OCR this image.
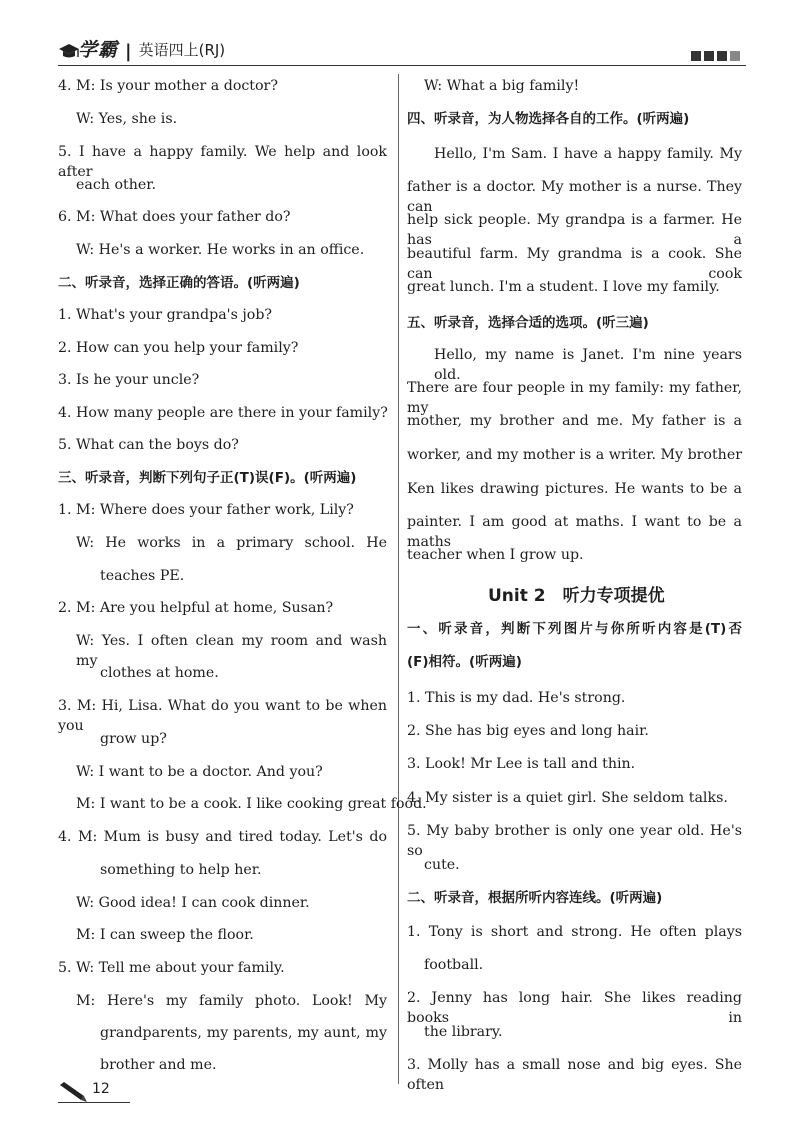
学霸 | 英语四上(RJ)
4. M: Is your mother a doctor?
W: Yes, she is.
5. I have a happy family. We help and look after
each other.
6. M: What does your father do?
W: He's a worker. He works in an office.
二、听录音，选择正确的答语。(听两遍)
1. What's your grandpa's job?
2. How can you help your family?
3. Is he your uncle?
4. How many people are there in your family?
5. What can the boys do?
三、听录音，判断下列句子正(T)误(F)。(听两遍)
1. M: Where does your father work, Lily?
W: He works in a primary school. He
teaches PE.
2. M: Are you helpful at home, Susan?
W: Yes. I often clean my room and wash my
clothes at home.
3. M: Hi, Lisa. What do you want to be when you
grow up?
W: I want to be a doctor. And you?
M: I want to be a cook. I like cooking great food.
4. M: Mum is busy and tired today. Let's do
something to help her.
W: Good idea! I can cook dinner.
M: I can sweep the floor.
5. W: Tell me about your family.
M: Here's my family photo. Look! My
grandparents, my parents, my aunt, my
brother and me.
W: What a big family!
四、听录音，为人物选择各自的工作。(听两遍)
Hello, I'm Sam. I have a happy family. My
father is a doctor. My mother is a nurse. They can
help sick people. My grandpa is a farmer. He has a
beautiful farm. My grandma is a cook. She can cook
great lunch. I'm a student. I love my family.
五、听录音，选择合适的选项。(听三遍)
Hello, my name is Janet. I'm nine years old.
There are four people in my family: my father, my
mother, my brother and me. My father is a
worker, and my mother is a writer. My brother
Ken likes drawing pictures. He wants to be a
painter. I am good at maths. I want to be a maths
teacher when I grow up.
Unit 2　听力专项提优
一、听录音，判断下列图片与你所听内容是(T)否
(F)相符。(听两遍)
1. This is my dad. He's strong.
2. She has big eyes and long hair.
3. Look! Mr Lee is tall and thin.
4. My sister is a quiet girl. She seldom talks.
5. My baby brother is only one year old. He's so
cute.
二、听录音，根据所听内容连线。(听两遍)
1. Tony is short and strong. He often plays
football.
2. Jenny has long hair. She likes reading books in
the library.
3. Molly has a small nose and big eyes. She often
12
